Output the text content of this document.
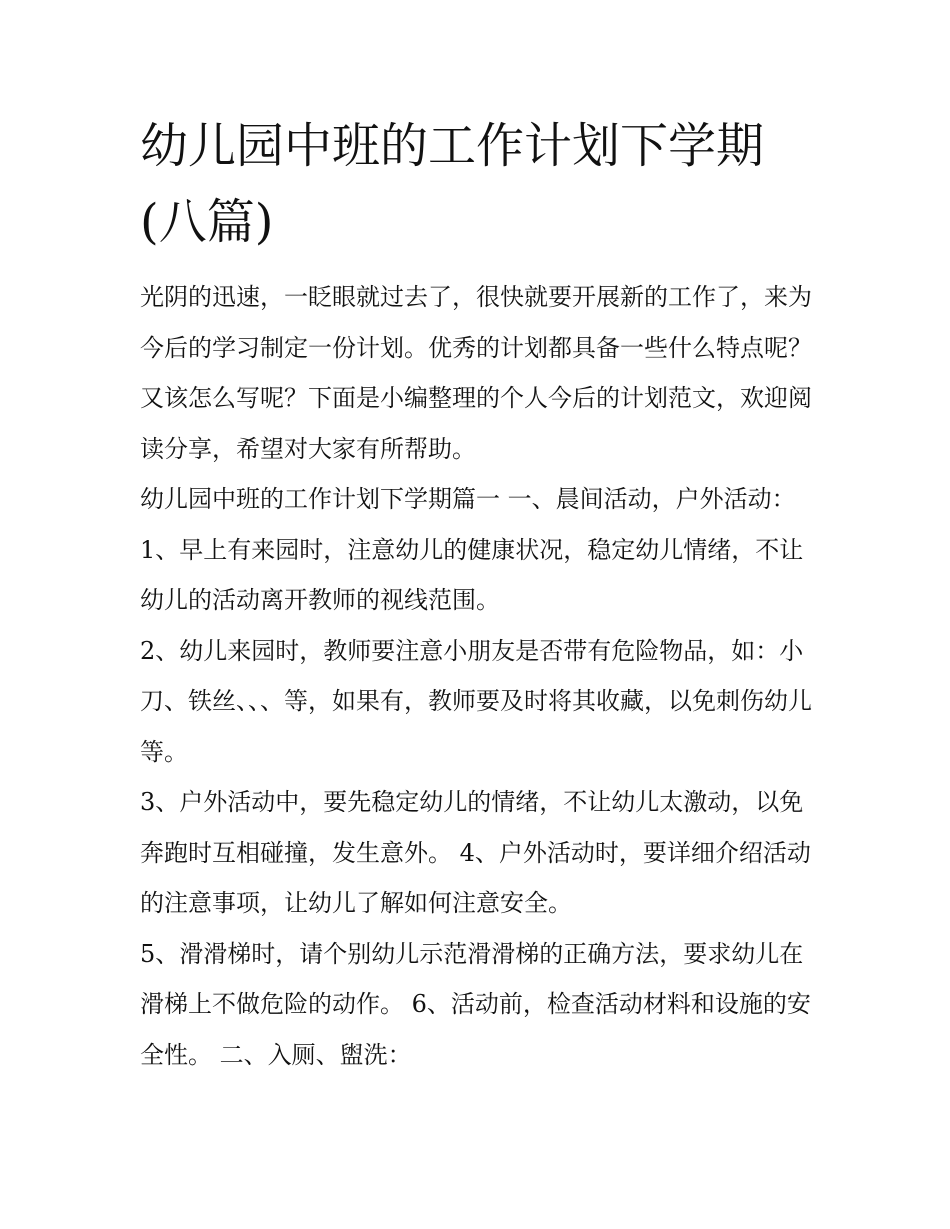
幼儿园中班的工作计划下学期(八篇)

光阴的迅速，一眨眼就过去了，很快就要开展新的工作了，来为今后的学习制定一份计划。优秀的计划都具备一些什么特点呢？又该怎么写呢？下面是小编整理的个人今后的计划范文，欢迎阅读分享，希望对大家有所帮助。

幼儿园中班的工作计划下学期篇一 一、晨间活动，户外活动： 1、早上有来园时，注意幼儿的健康状况，稳定幼儿情绪，不让幼儿的活动离开教师的视线范围。

2、幼儿来园时，教师要注意小朋友是否带有危险物品，如：小刀、铁丝、、、等，如果有，教师要及时将其收藏，以免刺伤幼儿等。

3、户外活动中，要先稳定幼儿的情绪，不让幼儿太激动，以免奔跑时互相碰撞，发生意外。 4、户外活动时，要详细介绍活动的注意事项，让幼儿了解如何注意安全。

5、滑滑梯时，请个别幼儿示范滑滑梯的正确方法，要求幼儿在滑梯上不做危险的动作。 6、活动前，检查活动材料和设施的安全性。 二、入厕、盥洗：
